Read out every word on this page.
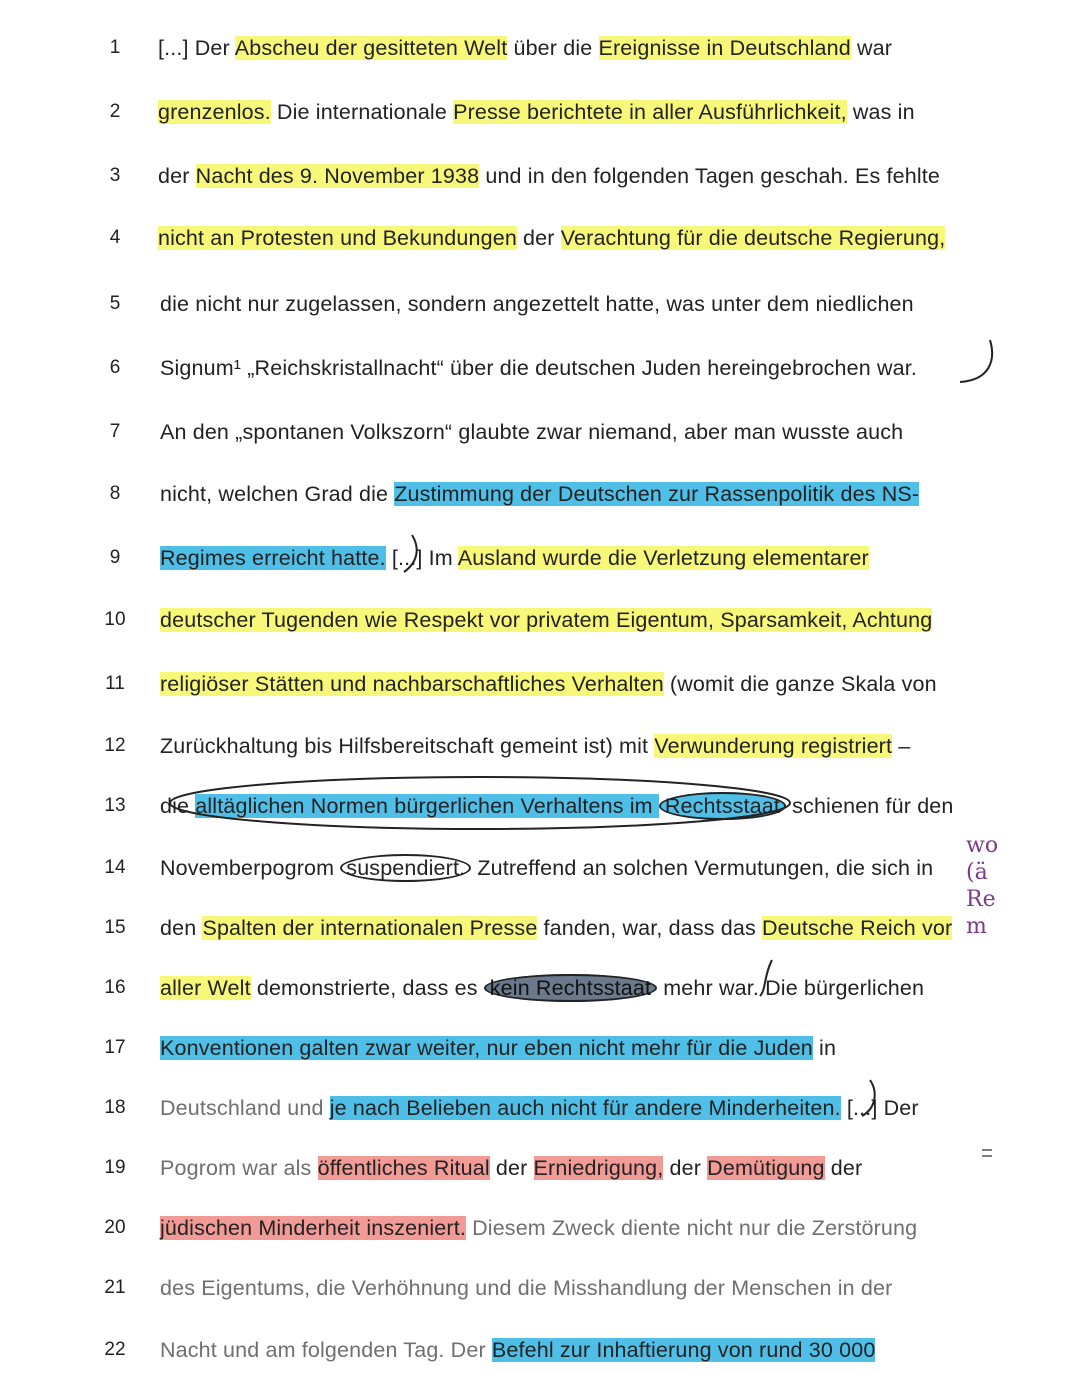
1	[...] Der Abscheu der gesitteten Welt über die Ereignisse in Deutschland war
2	grenzenlos. Die internationale Presse berichtete in aller Ausführlichkeit, was in
3	der Nacht des 9. November 1938 und in den folgenden Tagen geschah. Es fehlte
4	nicht an Protesten und Bekundungen der Verachtung für die deutsche Regierung,
5	die nicht nur zugelassen, sondern angezettelt hatte, was unter dem niedlichen
6	Signum¹ „Reichskristallnacht“ über die deutschen Juden hereingebrochen war.
7	An den „spontanen Volkszorn“ glaubte zwar niemand, aber man wusste auch
8	nicht, welchen Grad die Zustimmung der Deutschen zur Rassenpolitik des NS-
9	Regimes erreicht hatte. [...] Im Ausland wurde die Verletzung elementarer
10 deutscher Tugenden wie Respekt vor privatem Eigentum, Sparsamkeit, Achtung
11 religiöser Stätten und nachbarschaftliches Verhalten (womit die ganze Skala von
12 Zurückhaltung bis Hilfsbereitschaft gemeint ist) mit Verwunderung registriert –
13 die alltäglichen Normen bürgerlichen Verhaltens im Rechtsstaat schienen für den
14 Novemberpogrom suspendiert. Zutreffend an solchen Vermutungen, die sich in
15 den Spalten der internationalen Presse fanden, war, dass das Deutsche Reich vor
16 aller Welt demonstrierte, dass es kein Rechtsstaat mehr war. Die bürgerlichen
17 Konventionen galten zwar weiter, nur eben nicht mehr für die Juden in
18 Deutschland und je nach Belieben auch nicht für andere Minderheiten. [...] Der
19 Pogrom war als öffentliches Ritual der Erniedrigung, der Demütigung der
20 jüdischen Minderheit inszeniert. Diesem Zweck diente nicht nur die Zerstörung
21 des Eigentums, die Verhöhnung und die Misshandlung der Menschen in der
22 Nacht und am folgenden Tag. Der Befehl zur Inhaftierung von rund 30 000
wo
(ä
Re
m
